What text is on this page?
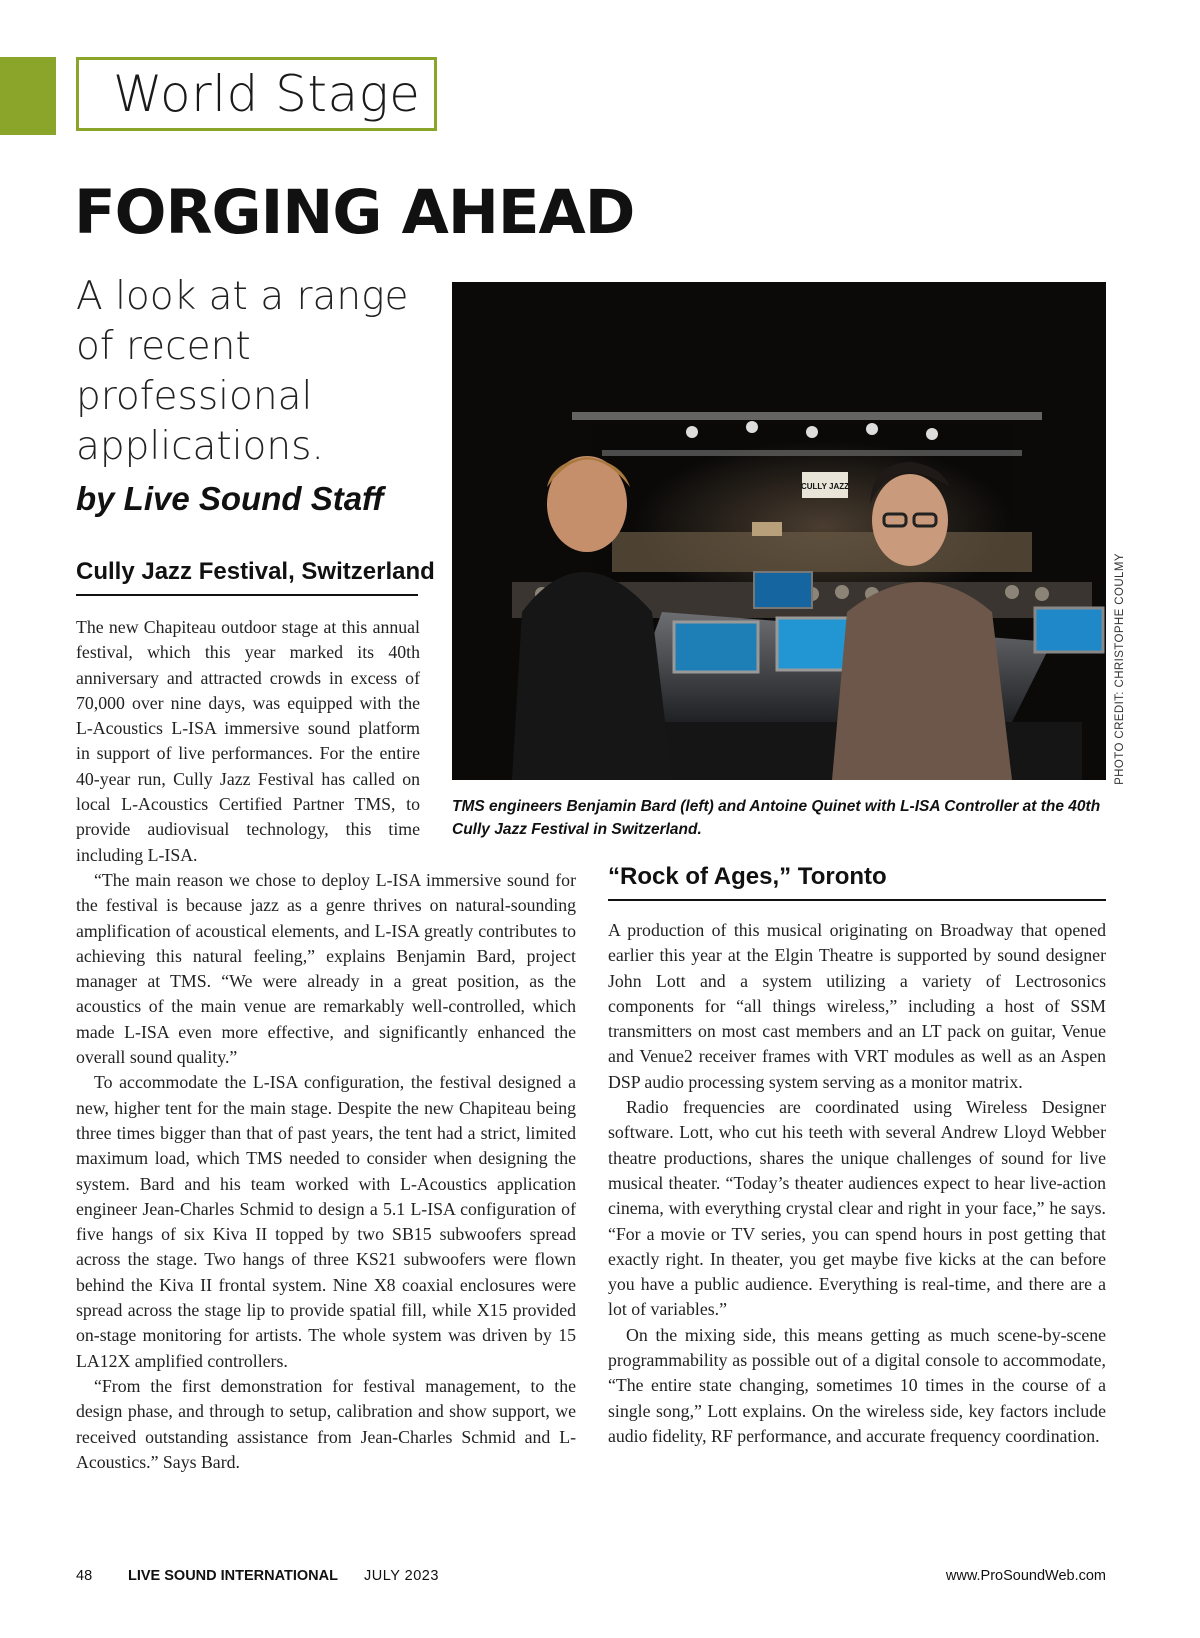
World Stage
FORGING AHEAD
A look at a range of recent professional applications.
by Live Sound Staff
Cully Jazz Festival, Switzerland

The new Chapiteau outdoor stage at this annual festival, which this year marked its 40th anniversary and attracted crowds in excess of 70,000 over nine days, was equipped with the L-Acoustics L-ISA immersive sound platform in support of live performances. For the entire 40-year run, Cully Jazz Festival has called on local L-Acoustics Certified Partner TMS, to provide audiovisual technology, this time including L-ISA.

“The main reason we chose to deploy L-ISA immersive sound for the festival is because jazz as a genre thrives on natural-sounding amplification of acoustical elements, and L-ISA greatly contributes to achieving this natural feeling,” explains Benjamin Bard, project manager at TMS. “We were already in a great position, as the acoustics of the main venue are remarkably well-controlled, which made L-ISA even more effective, and significantly enhanced the overall sound quality.”

To accommodate the L-ISA configuration, the festival designed a new, higher tent for the main stage. Despite the new Chapiteau being three times bigger than that of past years, the tent had a strict, limited maximum load, which TMS needed to consider when designing the system. Bard and his team worked with L-Acoustics application engineer Jean-Charles Schmid to design a 5.1 L-ISA configuration of five hangs of six Kiva II topped by two SB15 subwoofers spread across the stage. Two hangs of three KS21 subwoofers were flown behind the Kiva II frontal system. Nine X8 coaxial enclosures were spread across the stage lip to provide spatial fill, while X15 provided on-stage monitoring for artists. The whole system was driven by 15 LA12X amplified controllers.

“From the first demonstration for festival management, to the design phase, and through to setup, calibration and show support, we received outstanding assistance from Jean-Charles Schmid and L-Acoustics.” Says Bard.

CULLY JAZZ
PHOTO CREDIT: CHRISTOPHE COULMY
TMS engineers Benjamin Bard (left) and Antoine Quinet with L-ISA Controller at the 40th Cully Jazz Festival in Switzerland.
“Rock of Ages,” Toronto

A production of this musical originating on Broadway that opened earlier this year at the Elgin Theatre is supported by sound designer John Lott and a system utilizing a variety of Lectrosonics components for “all things wireless,” including a host of SSM transmitters on most cast members and an LT pack on guitar, Venue and Venue2 receiver frames with VRT modules as well as an Aspen DSP audio processing system serving as a monitor matrix.

Radio frequencies are coordinated using Wireless Designer software. Lott, who cut his teeth with several Andrew Lloyd Webber theatre productions, shares the unique challenges of sound for live musical theater. “Today’s theater audiences expect to hear live-action cinema, with everything crystal clear and right in your face,” he says. “For a movie or TV series, you can spend hours in post getting that exactly right. In theater, you get maybe five kicks at the can before you have a public audience. Everything is real-time, and there are a lot of variables.”

On the mixing side, this means getting as much scene-by-scene programmability as possible out of a digital console to accommodate, “The entire state changing, sometimes 10 times in the course of a single song,” Lott explains. On the wireless side, key factors include audio fidelity, RF performance, and accurate frequency coordination.

48 LIVE SOUND INTERNATIONAL JULY 2023	www.ProSoundWeb.com
